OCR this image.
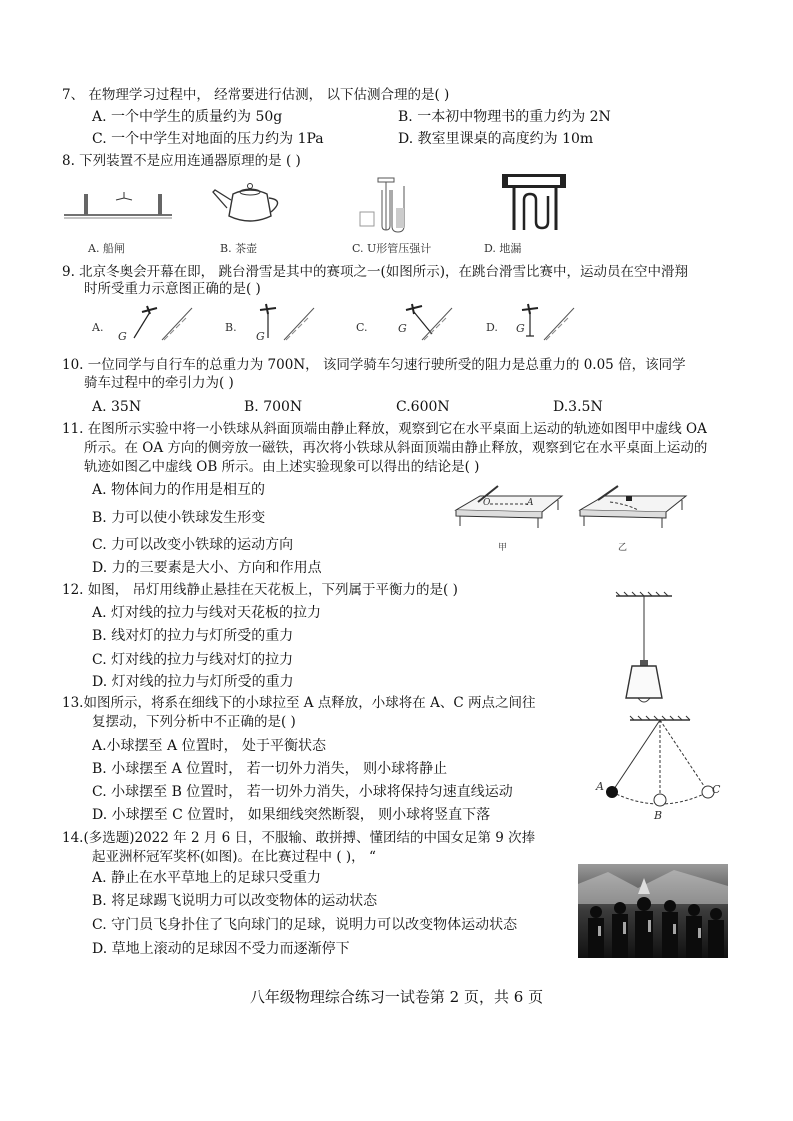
7、 在物理学习过程中， 经常要进行估测， 以下估测合理的是( )
A. 一个中学生的质量约为 50g	B. 一本初中物理书的重力约为 2N
C. 一个中学生对地面的压力约为 1Pa	D. 教室里课桌的高度约为 10m
8. 下列装置不是应用连通器原理的是 ( )
A. 船闸	B. 茶壶	C. U形管压强计	D. 地漏
9. 北京冬奥会开幕在即， 跳台滑雪是其中的赛项之一(如图所示)，在跳台滑雪比赛中，运动员在空中滑翔
时所受重力示意图正确的是( )
A.
G
B.
G
C.	G	D. G
10. 一位同学与自行车的总重力为 700N， 该同学骑车匀速行驶所受的阻力是总重力的 0.05 倍，该同学
骑车过程中的牵引力为( )
A. 35N	B. 700N	C.600N	D.3.5N
11. 在图所示实验中将一小铁球从斜面顶端由静止释放，观察到它在水平桌面上运动的轨迹如图甲中虚线 OA
所示。在 OA 方向的侧旁放一磁铁，再次将小铁球从斜面顶端由静止释放，观察到它在水平桌面上运动的
轨迹如图乙中虚线 OB 所示。由上述实验现象可以得出的结论是( )
A. 物体间力的作用是相互的
B. 力可以使小铁球发生形变
C. 力可以改变小铁球的运动方向
D. 力的三要素是大小、方向和作用点
O	A
甲	乙
12. 如图， 吊灯用线静止悬挂在天花板上，下列属于平衡力的是( )
A. 灯对线的拉力与线对天花板的拉力
B. 线对灯的拉力与灯所受的重力
C. 灯对线的拉力与线对灯的拉力
D. 灯对线的拉力与灯所受的重力
13.如图所示，将系在细线下的小球拉至 A 点释放，小球将在 A、C 两点之间往
复摆动，下列分析中不正确的是( )
A.小球摆至 A 位置时， 处于平衡状态
B. 小球摆至 A 位置时， 若一切外力消失， 则小球将静止
C. 小球摆至 B 位置时， 若一切外力消失，小球将保持匀速直线运动
D. 小球摆至 C 位置时， 如果细线突然断裂， 则小球将竖直下落
A
B
C
14.(多选题)2022 年 2 月 6 日，不服输、敢拼搏、懂团结的中国女足第 9 次捧
起亚洲杯冠军奖杯(如图)。在比赛过程中 ( )， “
A. 静止在水平草地上的足球只受重力
B. 将足球踢飞说明力可以改变物体的运动状态
C. 守门员飞身扑住了飞向球门的足球，说明力可以改变物体运动状态
D. 草地上滚动的足球因不受力而逐渐停下
八年级物理综合练习一试卷第 2 页，共 6 页
